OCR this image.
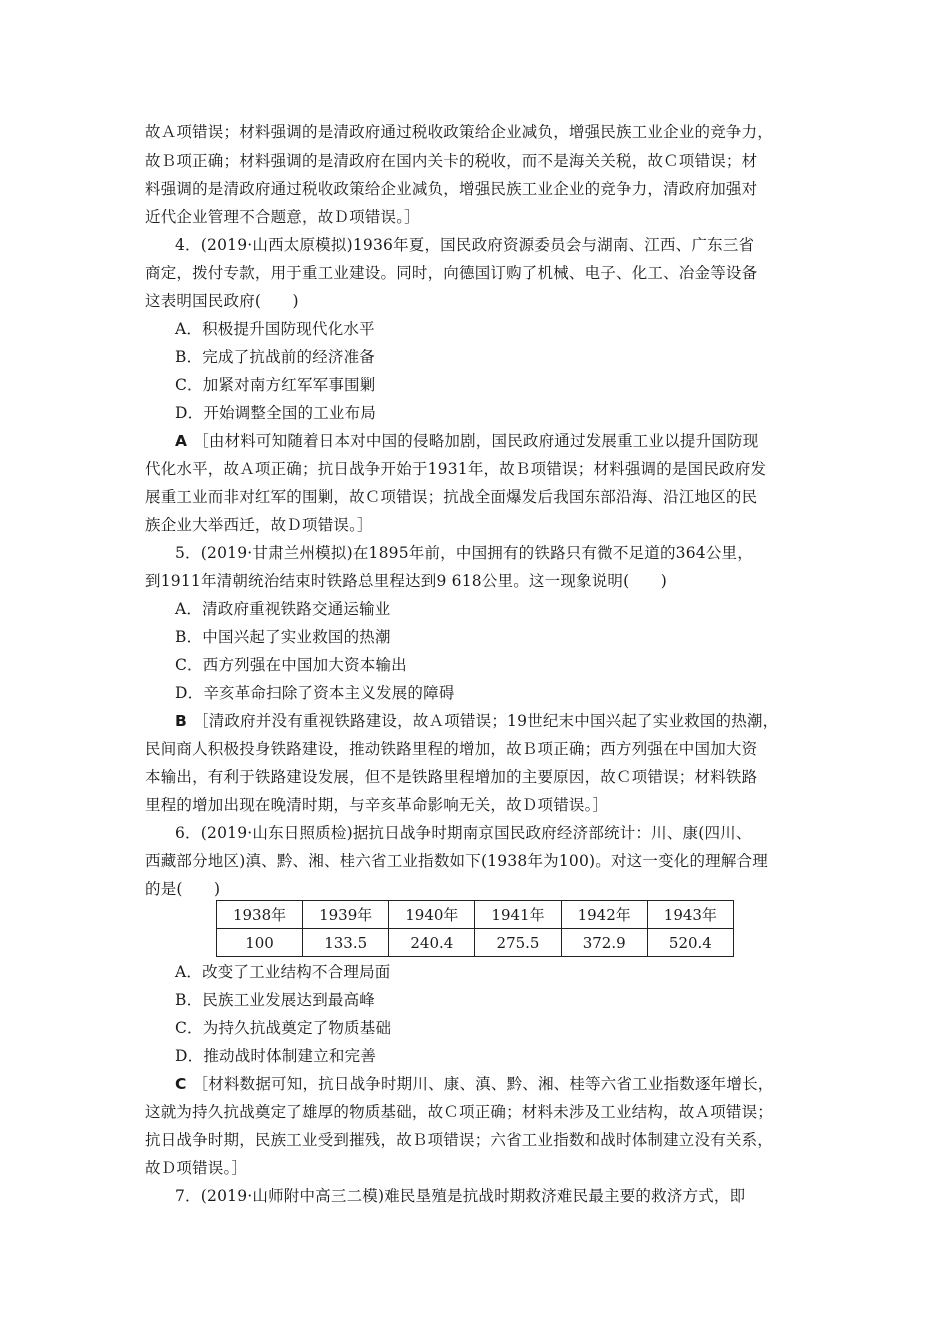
故Ａ项错误；材料强调的是清政府通过税收政策给企业减负，增强民族工业企业的竞争力，
故Ｂ项正确；材料强调的是清政府在国内关卡的税收，而不是海关关税，故Ｃ项错误；材
料强调的是清政府通过税收政策给企业减负，增强民族工业企业的竞争力，清政府加强对
近代企业管理不合题意，故Ｄ项错误。］
4．(2019·山西太原模拟)1936年夏，国民政府资源委员会与湖南、江西、广东三省
商定，拨付专款，用于重工业建设。同时，向德国订购了机械、电子、化工、冶金等设备
这表明国民政府(　　)
A．积极提升国防现代化水平
B．完成了抗战前的经济准备
C．加紧对南方红军军事围剿
D．开始调整全国的工业布局
A ［由材料可知随着日本对中国的侵略加剧，国民政府通过发展重工业以提升国防现
代化水平，故Ａ项正确；抗日战争开始于1931年，故Ｂ项错误；材料强调的是国民政府发
展重工业而非对红军的围剿，故Ｃ项错误；抗战全面爆发后我国东部沿海、沿江地区的民
族企业大举西迁，故Ｄ项错误。］
5．(2019·甘肃兰州模拟)在1895年前，中国拥有的铁路只有微不足道的364公里，
到1911年清朝统治结束时铁路总里程达到9 618公里。这一现象说明(　　)
A．清政府重视铁路交通运输业
B．中国兴起了实业救国的热潮
C．西方列强在中国加大资本输出
D．辛亥革命扫除了资本主义发展的障碍
B ［清政府并没有重视铁路建设，故Ａ项错误；19世纪末中国兴起了实业救国的热潮，
民间商人积极投身铁路建设，推动铁路里程的增加，故Ｂ项正确；西方列强在中国加大资
本输出，有利于铁路建设发展，但不是铁路里程增加的主要原因，故Ｃ项错误；材料铁路
里程的增加出现在晚清时期，与辛亥革命影响无关，故Ｄ项错误。］
6．(2019·山东日照质检)据抗日战争时期南京国民政府经济部统计：川、康(四川、
西藏部分地区)滇、黔、湘、桂六省工业指数如下(1938年为100)。对这一变化的理解合理
的是(　　)
1938年	1939年	1940年	1941年	1942年	1943年
100	133.5	240.4	275.5	372.9	520.4
A．改变了工业结构不合理局面
B．民族工业发展达到最高峰
C．为持久抗战奠定了物质基础
D．推动战时体制建立和完善
C ［材料数据可知，抗日战争时期川、康、滇、黔、湘、桂等六省工业指数逐年增长，
这就为持久抗战奠定了雄厚的物质基础，故Ｃ项正确；材料未涉及工业结构，故Ａ项错误；
抗日战争时期，民族工业受到摧残，故Ｂ项错误；六省工业指数和战时体制建立没有关系，
故Ｄ项错误。］
7．(2019·山师附中高三二模)难民垦殖是抗战时期救济难民最主要的救济方式，即
